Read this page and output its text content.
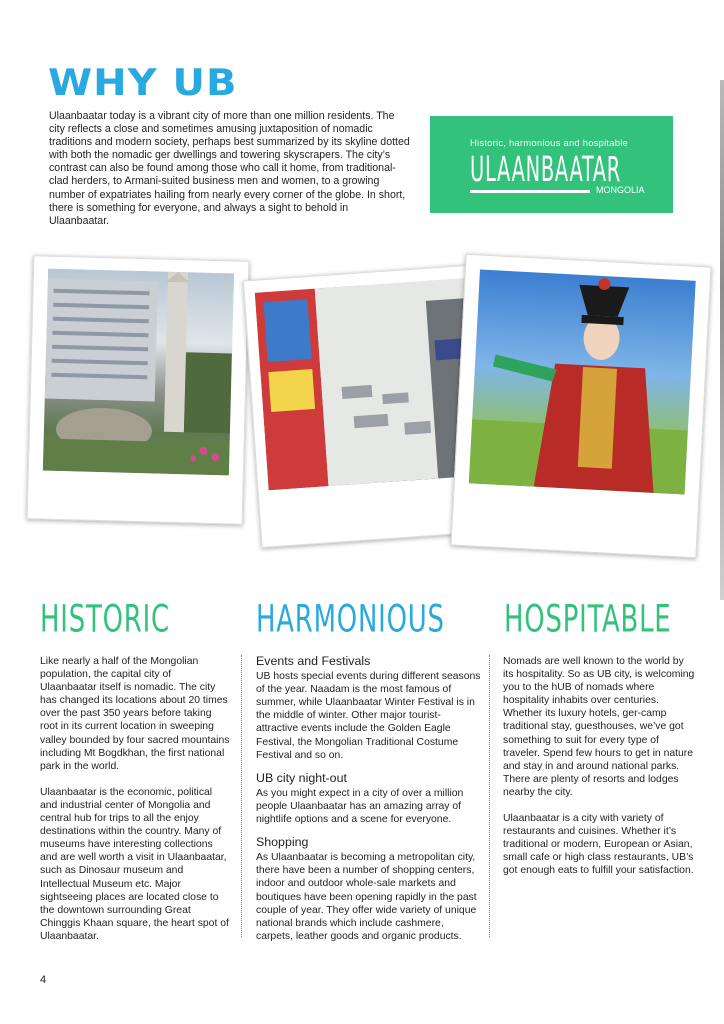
WHY UB
Ulaanbaatar today is a vibrant city of more than one million residents. The city reflects a close and sometimes amusing juxtaposition of nomadic traditions and modern society, perhaps best summarized by its skyline dotted with both the nomadic ger dwellings and towering skyscrapers. The city’s contrast can also be found among those who call it home, from traditional-clad herders, to Armani-suited business men and women, to a growing number of expatriates hailing from nearly every corner of the globe. In short, there is something for everyone, and always a sight to behold in Ulaanbaatar.
Historic, harmonious and hospitable
ULAANBAATAR
MONGOLIA
HISTORIC HARMONIOUS HOSPITABLE

Like nearly a half of the Mongolian population, the capital city of Ulaanbaatar itself is nomadic. The city has changed its locations about 20 times over the past 350 years before taking root in its current location in sweeping valley bounded by four sacred mountains including Mt Bogdkhan, the first national park in the world.

Ulaanbaatar is the economic, political and industrial center of Mongolia and central hub for trips to all the enjoy destinations within the country. Many of museums have interesting collections and are well worth a visit in Ulaanbaatar, such as Dinosaur museum and Intellectual Museum etc. Major sightseeing places are located close to the downtown surrounding Great Chinggis Khaan square, the heart spot of Ulaanbaatar.

Events and Festivals
UB hosts special events during different seasons of the year. Naadam is the most famous of summer, while Ulaanbaatar Winter Festival is in the middle of winter. Other major tourist-attractive events include the Golden Eagle Festival, the Mongolian Traditional Costume Festival and so on.
UB city night-out
As you might expect in a city of over a million people Ulaanbaatar has an amazing array of nightlife options and a scene for everyone.
Shopping
As Ulaanbaatar is becoming a metropolitan city, there have been a number of shopping centers, indoor and outdoor whole-sale markets and boutiques have been opening rapidly in the past couple of year. They offer wide variety of unique national brands which include cashmere, carpets, leather goods and organic products.

Nomads are well known to the world by its hospitality. So as UB city, is welcoming you to the hUB of nomads where hospitality inhabits over centuries. Whether its luxury hotels, ger-camp traditional stay, guesthouses, we’ve got something to suit for every type of traveler. Spend few hours to get in nature and stay in and around national parks. There are plenty of resorts and lodges nearby the city.

Ulaanbaatar is a city with variety of restaurants and cuisines. Whether it’s traditional or modern, European or Asian, small cafe or high class restaurants, UB’s got enough eats to fulfill your satisfaction.

4
